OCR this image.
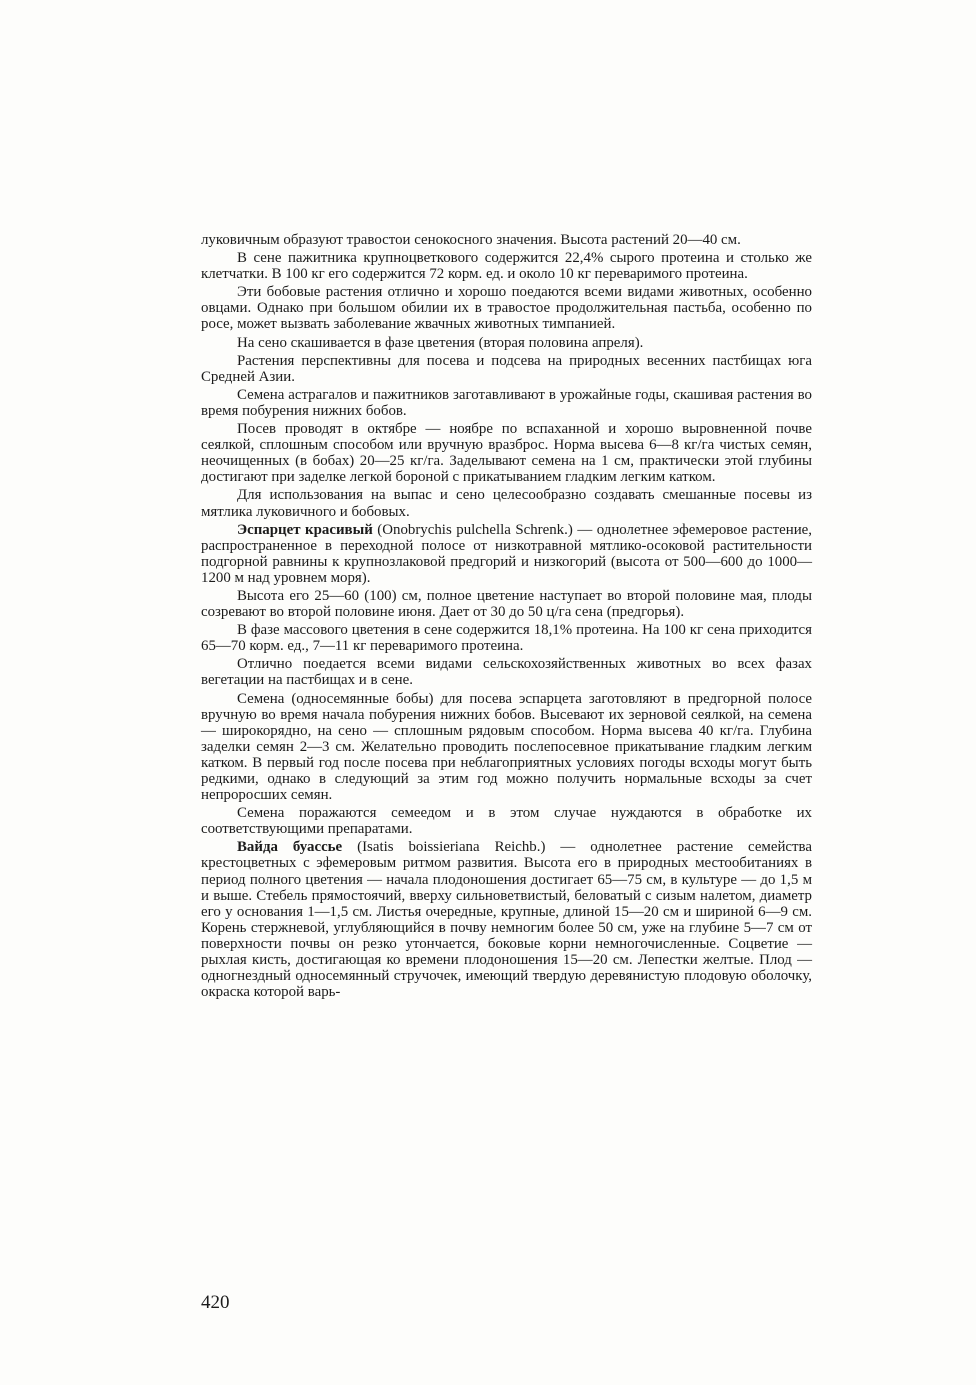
луковичным образуют травостои сенокосного значения. Высота растений 20—40 см.

В сене пажитника крупноцветкового содержится 22,4% сырого протеина и столько же клетчатки. В 100 кг его содержится 72 корм. ед. и около 10 кг переваримого протеина.

Эти бобовые растения отлично и хорошо поедаются всеми видами животных, особенно овцами. Однако при большом обилии их в травостое продолжительная пастьба, особенно по росе, может вызвать заболевание жвачных животных тимпанией.

На сено скашивается в фазе цветения (вторая половина апреля).

Растения перспективны для посева и подсева на природных весенних пастбищах юга Средней Азии.

Семена астрагалов и пажитников заготавливают в урожайные годы, скашивая растения во время побурения нижних бобов.

Посев проводят в октябре — ноябре по вспаханной и хорошо выровненной почве сеялкой, сплошным способом или вручную вразброс. Норма высева 6—8 кг/га чистых семян, неочищенных (в бобах) 20—25 кг/га. Заделывают семена на 1 см, практически этой глубины достигают при заделке легкой бороной с прикатыванием гладким легким катком.

Для использования на выпас и сено целесообразно создавать смешанные посевы из мятлика луковичного и бобовых.

Эспарцет красивый (Onobrychis pulchella Schrenk.) — однолетнее эфемеровое растение, распространенное в переходной полосе от низкотравной мятлико-осоковой растительности подгорной равнины к крупнозлаковой предгорий и низкогорий (высота от 500—600 до 1000—1200 м над уровнем моря).

Высота его 25—60 (100) см, полное цветение наступает во второй половине мая, плоды созревают во второй половине июня. Дает от 30 до 50 ц/га сена (предгорья).

В фазе массового цветения в сене содержится 18,1% протеина. На 100 кг сена приходится 65—70 корм. ед., 7—11 кг переваримого протеина.

Отлично поедается всеми видами сельскохозяйственных животных во всех фазах вегетации на пастбищах и в сене.

Семена (односемянные бобы) для посева эспарцета заготовляют в предгорной полосе вручную во время начала побурения нижних бобов. Высевают их зерновой сеялкой, на семена — широкорядно, на сено — сплошным рядовым способом. Норма высева 40 кг/га. Глубина заделки семян 2—3 см. Желательно проводить послепосевное прикатывание гладким легким катком. В первый год после посева при неблагоприятных условиях погоды всходы могут быть редкими, однако в следующий за этим год можно получить нормальные всходы за счет непроросших семян.

Семена поражаются семеедом и в этом случае нуждаются в обработке их соответствующими препаратами.

Вайда буассье (Isatis boissieriana Reichb.) — однолетнее растение семейства крестоцветных с эфемеровым ритмом развития. Высота его в природных местообитаниях в период полного цветения — начала плодоношения достигает 65—75 см, в культуре — до 1,5 м и выше. Стебель прямостоячий, вверху сильноветвистый, беловатый с сизым налетом, диаметр его у основания 1—1,5 см. Листья очередные, крупные, длиной 15—20 см и шириной 6—9 см. Корень стержневой, углубляющийся в почву немногим более 50 см, уже на глубине 5—7 см от поверхности почвы он резко утончается, боковые корни немногочисленные. Соцветие — рыхлая кисть, достигающая ко времени плодоношения 15—20 см. Лепестки желтые. Плод — одногнездный односемянный стручочек, имеющий твердую деревянистую плодовую оболочку, окраска которой варь-

420
